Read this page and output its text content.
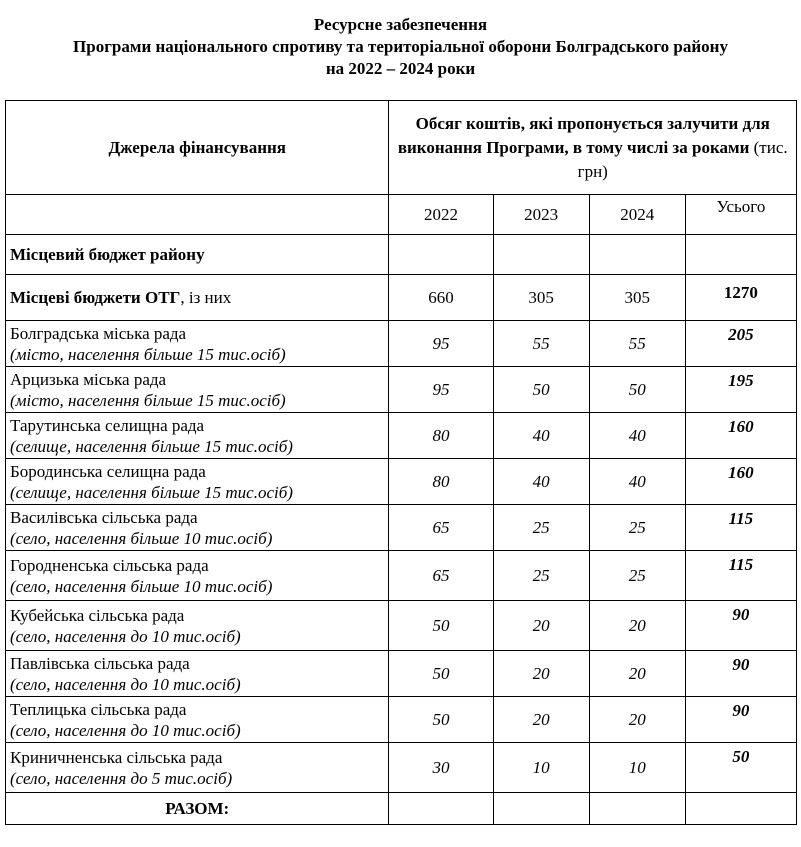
Ресурсне забезпечення
Програми національного спротиву та територіальної оборони Болградського району
на 2022 – 2024 роки
Джерела фінансування	Обсяг коштів, які пропонується залучити для виконання Програми, в тому числі за роками (тис. грн)			
	2022	2023	2024	Усього
Місцевий бюджет району				
Місцеві бюджети ОТГ, із них	660	305	305	1270
Болградська міська рада
(місто, населення більше 15 тис.осіб)	95	55	55	205
Арцизька міська рада
(місто, населення більше 15 тис.осіб)	95	50	50	195
Тарутинська селищна рада
(селище, населення більше 15 тис.осіб)	80	40	40	160
Бородинська селищна рада
(селище, населення більше 15 тис.осіб)	80	40	40	160
Василівська сільська рада
(село, населення більше 10 тис.осіб)	65	25	25	115
Городненська сільська рада
(село, населення більше 10 тис.осіб)	65	25	25	115
Кубейська сільська рада
(село, населення до 10 тис.осіб)	50	20	20	90
Павлівська сільська рада
(село, населення до 10 тис.осіб)	50	20	20	90
Теплицька сільська рада
(село, населення до 10 тис.осіб)	50	20	20	90
Криничненська сільська рада
(село, населення до 5 тис.осіб)	30	10	10	50
РАЗОМ:				
